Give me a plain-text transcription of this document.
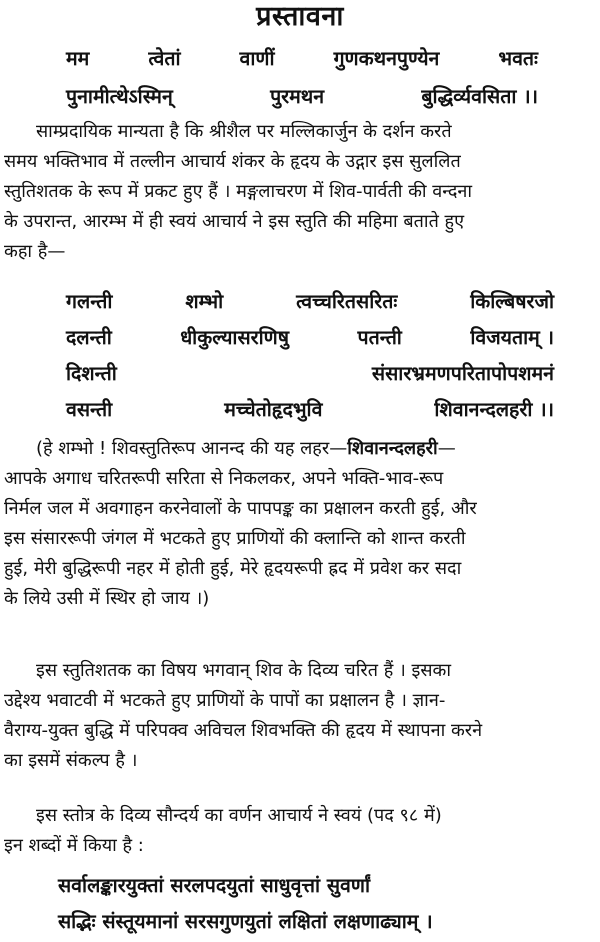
प्रस्तावना
मम	त्वेतां	वाणीं	गुणकथनपुण्येन	भवतः
पुनामीत्थेऽस्मिन्	पुरमथन	बुद्धिर्व्यवसिता ।।
साम्प्रदायिक मान्यता है कि श्रीशैल पर मल्लिकार्जुन के दर्शन करते
समय भक्तिभाव में तल्लीन आचार्य शंकर के हृदय के उद्गार इस सुललित
स्तुतिशतक के रूप में प्रकट हुए हैं । मङ्गलाचरण में शिव-पार्वती की वन्दना
के उपरान्त, आरम्भ में ही स्वयं आचार्य ने इस स्तुति की महिमा बताते हुए
कहा है—
गलन्ती	शम्भो	त्वच्चरितसरितः	किल्बिषरजो
दलन्ती	धीकुल्यासरणिषु	पतन्ती	विजयताम् ।
दिशन्ती	संसारभ्रमणपरितापोपशमनं
वसन्ती	मच्चेतोहृदभुवि	शिवानन्दलहरी ।।
(हे शम्भो ! शिवस्तुतिरूप आनन्द की यह लहर—शिवानन्दलहरी—
आपके अगाध चरितरूपी सरिता से निकलकर, अपने भक्ति-भाव-रूप
निर्मल जल में अवगाहन करनेवालों के पापपङ्क का प्रक्षालन करती हुई, और
इस संसाररूपी जंगल में भटकते हुए प्राणियों की क्लान्ति को शान्त करती
हुई, मेरी बुद्धिरूपी नहर में होती हुई, मेरे हृदयरूपी ह्रद में प्रवेश कर सदा
के लिये उसी में स्थिर हो जाय ।)
इस स्तुतिशतक का विषय भगवान् शिव के दिव्य चरित हैं । इसका
उद्देश्य भवाटवी में भटकते हुए प्राणियों के पापों का प्रक्षालन है । ज्ञान-
वैराग्य-युक्त बुद्धि में परिपक्व अविचल शिवभक्ति की हृदय में स्थापना करने
का इसमें संकल्प है ।
इस स्तोत्र के दिव्य सौन्दर्य का वर्णन आचार्य ने स्वयं (पद ९८ में)
इन शब्दों में किया है :
सर्वालङ्कारयुक्तां सरलपदयुतां साधुवृत्तां सुवर्णां
सद्भिः संस्तूयमानां सरसगुणयुतां लक्षितां लक्षणाढ्याम् ।
